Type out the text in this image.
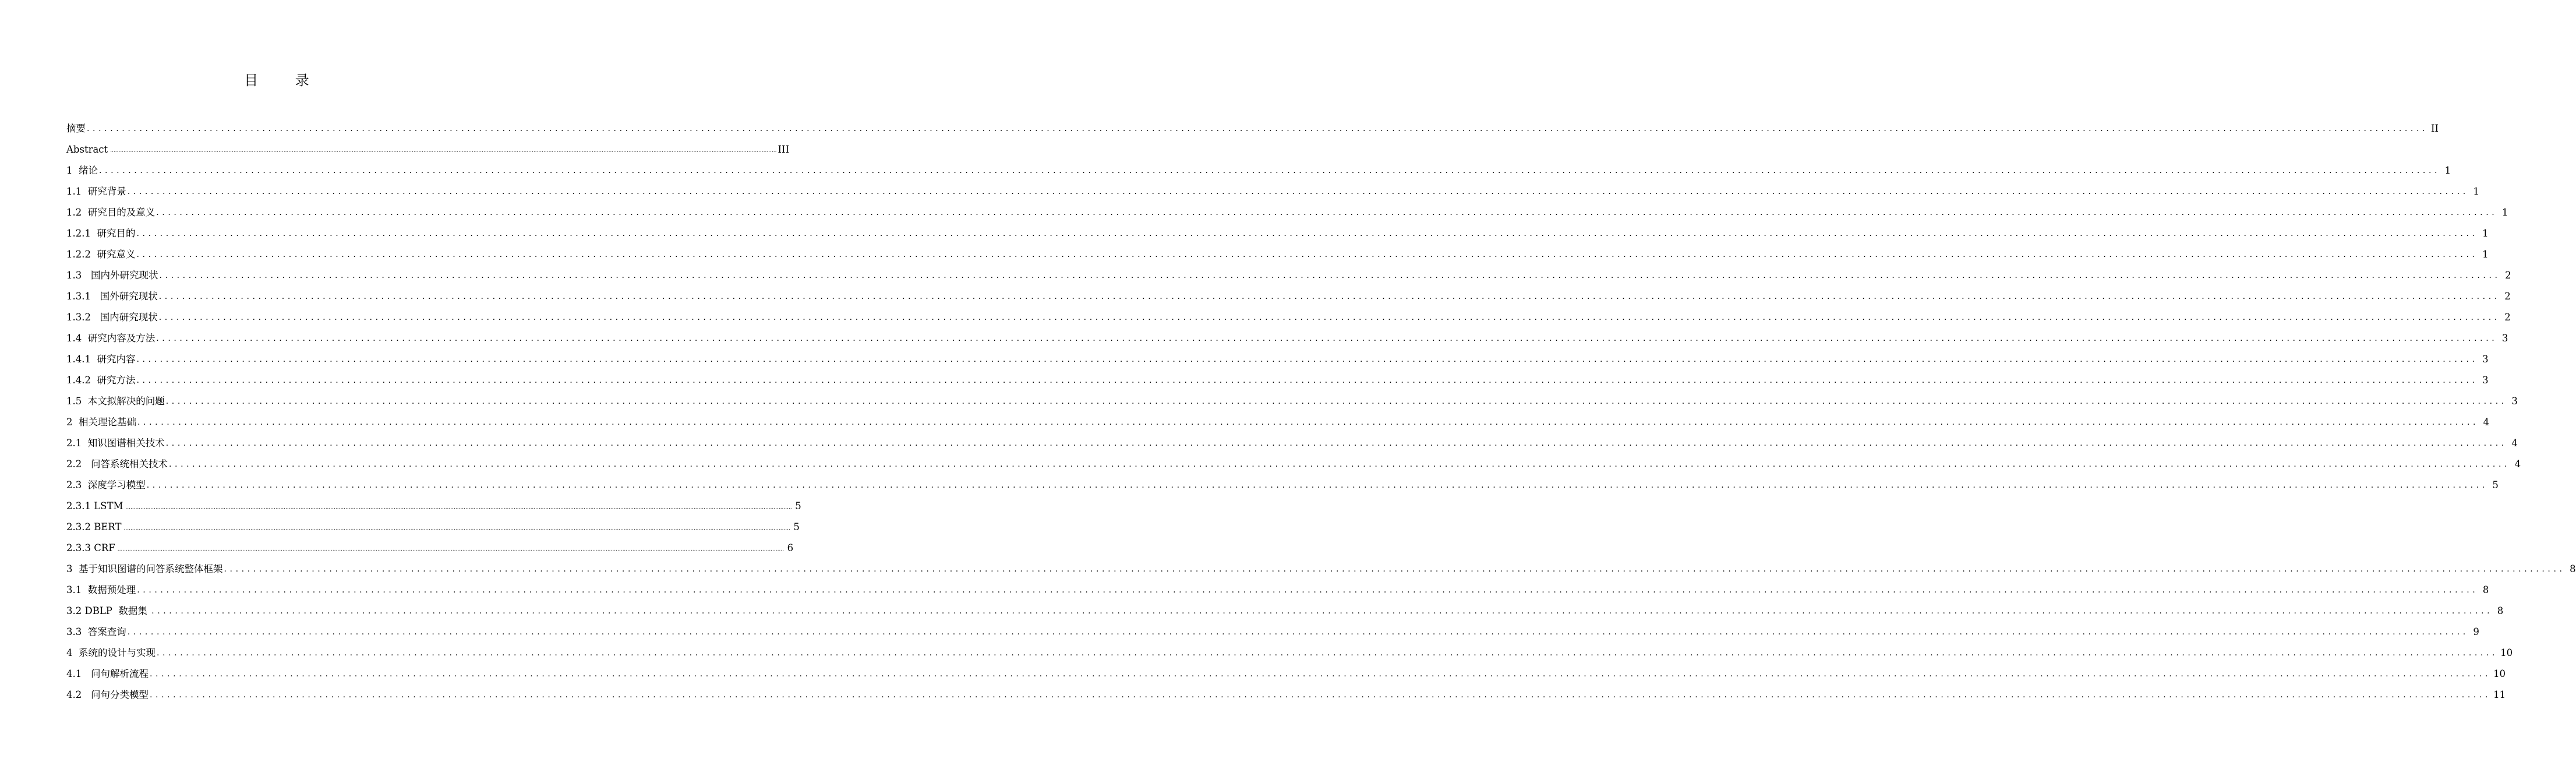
目 录
摘要 ................................................................................................................................................................................................................................................................................................................................................................................................................ II
Abstract ................................................................................................................................................................................................................................................................................................................................................................................................................ III
1  绪论 ................................................................................................................................................................................................................................................................................................................................................................................................................ 1
1.1  研究背景 ................................................................................................................................................................................................................................................................................................................................................................................................................ 1
1.2  研究目的及意义 ................................................................................................................................................................................................................................................................................................................................................................................................................ 1
1.2.1  研究目的 ................................................................................................................................................................................................................................................................................................................................................................................................................ 1
1.2.2  研究意义 ................................................................................................................................................................................................................................................................................................................................................................................................................ 1
1.3   国内外研究现状 ................................................................................................................................................................................................................................................................................................................................................................................................................ 2
1.3.1   国外研究现状 ................................................................................................................................................................................................................................................................................................................................................................................................................ 2
1.3.2   国内研究现状 ................................................................................................................................................................................................................................................................................................................................................................................................................ 2
1.4  研究内容及方法 ................................................................................................................................................................................................................................................................................................................................................................................................................ 3
1.4.1  研究内容 ................................................................................................................................................................................................................................................................................................................................................................................................................ 3
1.4.2  研究方法 ................................................................................................................................................................................................................................................................................................................................................................................................................ 3
1.5  本文拟解决的问题 ................................................................................................................................................................................................................................................................................................................................................................................................................ 3
2  相关理论基础 ................................................................................................................................................................................................................................................................................................................................................................................................................ 4
2.1  知识图谱相关技术 ................................................................................................................................................................................................................................................................................................................................................................................................................ 4
2.2   问答系统相关技术 ................................................................................................................................................................................................................................................................................................................................................................................................................ 4
2.3  深度学习模型 ................................................................................................................................................................................................................................................................................................................................................................................................................ 5
2.3.1 LSTM ................................................................................................................................................................................................................................................................................................................................................................................................................ 5
2.3.2 BERT ................................................................................................................................................................................................................................................................................................................................................................................................................ 5
2.3.3 CRF ................................................................................................................................................................................................................................................................................................................................................................................................................ 6
3  基于知识图谱的问答系统整体框架 ................................................................................................................................................................................................................................................................................................................................................................................................................ 8
3.1  数据预处理 ................................................................................................................................................................................................................................................................................................................................................................................................................ 8
3.2 DBLP  数据集 ................................................................................................................................................................................................................................................................................................................................................................................................................ 8
3.3  答案查询 ................................................................................................................................................................................................................................................................................................................................................................................................................ 9
4  系统的设计与实现 ................................................................................................................................................................................................................................................................................................................................................................................................................ 10
4.1   问句解析流程 ................................................................................................................................................................................................................................................................................................................................................................................................................ 10
4.2   问句分类模型 ................................................................................................................................................................................................................................................................................................................................................................................................................ 11
